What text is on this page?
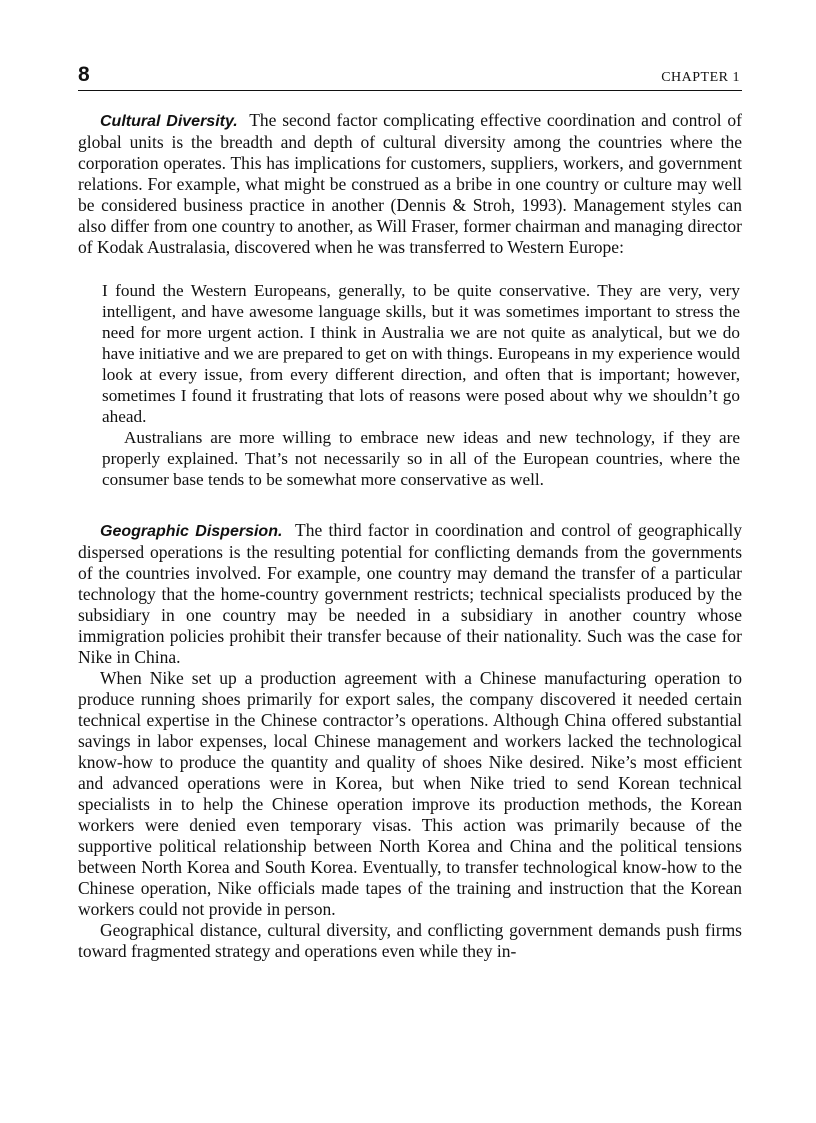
8	CHAPTER 1

Cultural Diversity. The second factor complicating effective coordination and control of global units is the breadth and depth of cultural diversity among the countries where the corporation operates. This has implications for customers, suppliers, workers, and government relations. For example, what might be construed as a bribe in one country or culture may well be considered business practice in another (Dennis & Stroh, 1993). Management styles can also differ from one country to another, as Will Fraser, former chairman and managing director of Kodak Australasia, discovered when he was transferred to Western Europe:

I found the Western Europeans, generally, to be quite conservative. They are very, very intelligent, and have awesome language skills, but it was sometimes important to stress the need for more urgent action. I think in Australia we are not quite as analytical, but we do have initiative and we are prepared to get on with things. Europeans in my experience would look at every issue, from every different direction, and often that is important; however, sometimes I found it frustrating that lots of reasons were posed about why we shouldn’t go ahead.

Australians are more willing to embrace new ideas and new technology, if they are properly explained. That’s not necessarily so in all of the European countries, where the consumer base tends to be somewhat more conservative as well.

Geographic Dispersion. The third factor in coordination and control of geographically dispersed operations is the resulting potential for conflicting demands from the governments of the countries involved. For example, one country may demand the transfer of a particular technology that the home-country government restricts; technical specialists produced by the subsidiary in one country may be needed in a subsidiary in another country whose immigration policies prohibit their transfer because of their nationality. Such was the case for Nike in China.

When Nike set up a production agreement with a Chinese manufacturing operation to produce running shoes primarily for export sales, the company discovered it needed certain technical expertise in the Chinese contractor’s operations. Although China offered substantial savings in labor expenses, local Chinese management and workers lacked the technological know-how to produce the quantity and quality of shoes Nike desired. Nike’s most efficient and advanced operations were in Korea, but when Nike tried to send Korean technical specialists in to help the Chinese operation improve its production methods, the Korean workers were denied even temporary visas. This action was primarily because of the supportive political relationship between North Korea and China and the political tensions between North Korea and South Korea. Eventually, to transfer technological know-how to the Chinese operation, Nike officials made tapes of the training and instruction that the Korean workers could not provide in person.

Geographical distance, cultural diversity, and conflicting government demands push firms toward fragmented strategy and operations even while they in-
